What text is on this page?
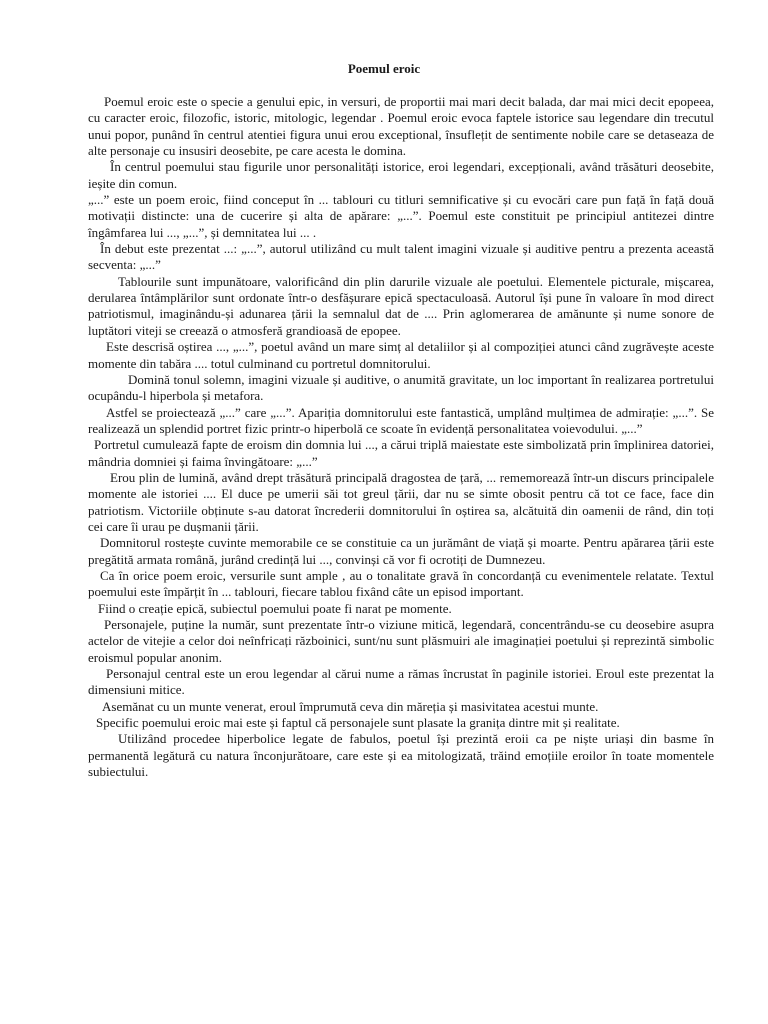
Poemul eroic

Poemul eroic este o specie a genului epic, in versuri, de proportii mai mari decit balada, dar mai mici decit epopeea, cu caracter eroic, filozofic, istoric, mitologic, legendar . Poemul eroic evoca faptele istorice sau legendare din trecutul unui popor, punând în centrul atentiei figura unui erou exceptional, însuflețit de sentimente nobile care se detaseaza de alte personaje cu insusiri deosebite, pe care acesta le domina.

În centrul poemului stau figurile unor personalități istorice, eroi legendari, excepționali, având trăsături deosebite, ieșite din comun.

„...” este un poem eroic, fiind conceput în ... tablouri cu titluri semnificative și cu evocări care pun față în față două motivații distincte: una de cucerire și alta de apărare: „...”. Poemul este constituit pe principiul antitezei dintre îngâmfarea lui ..., „...”, și demnitatea lui ... .

În debut este prezentat ...: „...”, autorul utilizând cu mult talent imagini vizuale și auditive pentru a prezenta această secventa: „...”

Tablourile sunt impunătoare, valorificând din plin darurile vizuale ale poetului. Elementele picturale, mișcarea, derularea întâmplărilor sunt ordonate într-o desfășurare epică spectaculoasă. Autorul își pune în valoare în mod direct patriotismul, imaginându-și adunarea țării la semnalul dat de .... Prin aglomerarea de amănunte și nume sonore de luptători viteji se creează o atmosferă grandioasă de epopee.

Este descrisă oștirea ..., „...”, poetul având un mare simț al detaliilor și al compoziției atunci când zugrăvește aceste momente din tabăra .... totul culminand cu portretul domnitorului.

Domină tonul solemn, imagini vizuale și auditive, o anumită gravitate, un loc important în realizarea portretului ocupându-l hiperbola și metafora.

Astfel se proiectează „...” care „...”. Apariția domnitorului este fantastică, umplând mulțimea de admirație: „...”. Se realizează un splendid portret fizic printr-o hiperbolă ce scoate în evidență personalitatea voievodului. „...”

Portretul cumulează fapte de eroism din domnia lui ..., a cărui triplă maiestate este simbolizată prin împlinirea datoriei, mândria domniei și faima învingătoare: „...”

Erou plin de lumină, având drept trăsătură principală dragostea de țară, ... rememorează într-un discurs principalele momente ale istoriei .... El duce pe umerii săi tot greul țării, dar nu se simte obosit pentru că tot ce face, face din patriotism. Victoriile obținute s-au datorat încrederii domnitorului în oștirea sa, alcătuită din oamenii de rând, din toți cei care îi urau pe dușmanii țării.

Domnitorul rostește cuvinte memorabile ce se constituie ca un jurământ de viață și moarte. Pentru apărarea țării este pregătită armata română, jurând credință lui ..., convinși că vor fi ocrotiți de Dumnezeu.

Ca în orice poem eroic, versurile sunt ample , au o tonalitate gravă în concordanță cu evenimentele relatate. Textul poemului este împărțit în ... tablouri, fiecare tablou fixând câte un episod important.

Fiind o creație epică, subiectul poemului poate fi narat pe momente.

Personajele, puține la număr, sunt prezentate într-o viziune mitică, legendară, concentrându-se cu deosebire asupra actelor de vitejie a celor doi neînfricați războinici, sunt/nu sunt plăsmuiri ale imaginației poetului și reprezintă simbolic eroismul popular anonim.

Personajul central este un erou legendar al cărui nume a rămas încrustat în paginile istoriei. Eroul este prezentat la dimensiuni mitice.

Asemănat cu un munte venerat, eroul împrumută ceva din măreția și masivitatea acestui munte.

Specific poemului eroic mai este și faptul că personajele sunt plasate la granița dintre mit și realitate.

Utilizând procedee hiperbolice legate de fabulos, poetul își prezintă eroii ca pe niște uriași din basme în permanentă legătură cu natura înconjurătoare, care este și ea mitologizată, trăind emoțiile eroilor în toate momentele subiectului.
